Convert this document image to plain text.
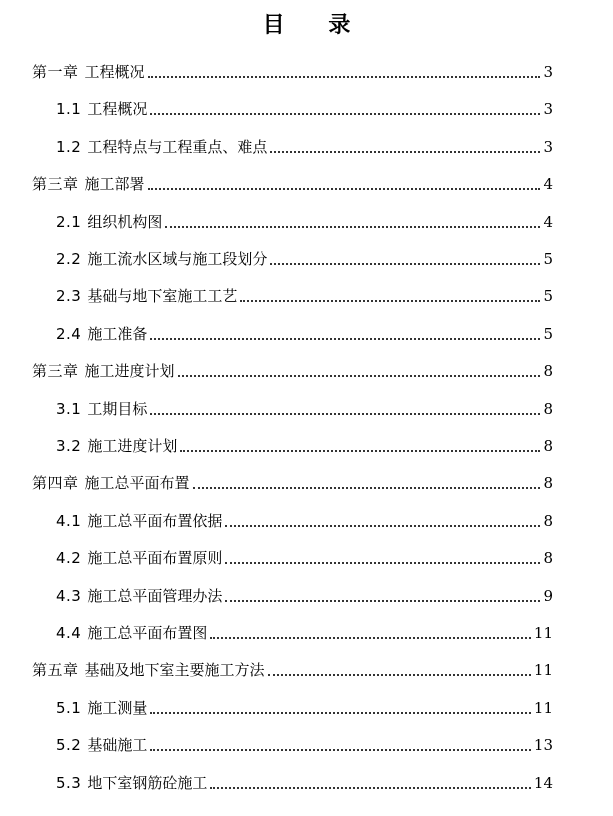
目 录
第一章 工程概况	3
1.1 工程概况	3
1.2 工程特点与工程重点、难点	3
第三章 施工部署	4
2.1 组织机构图	4
2.2 施工流水区域与施工段划分	5
2.3 基础与地下室施工工艺	5
2.4 施工准备	5
第三章 施工进度计划	8
3.1 工期目标	8
3.2 施工进度计划	8
第四章 施工总平面布置	8
4.1 施工总平面布置依据	8
4.2 施工总平面布置原则	8
4.3 施工总平面管理办法	9
4.4 施工总平面布置图	11
第五章 基础及地下室主要施工方法	11
5.1 施工测量	11
5.2 基础施工	13
5.3 地下室钢筋砼施工	14
